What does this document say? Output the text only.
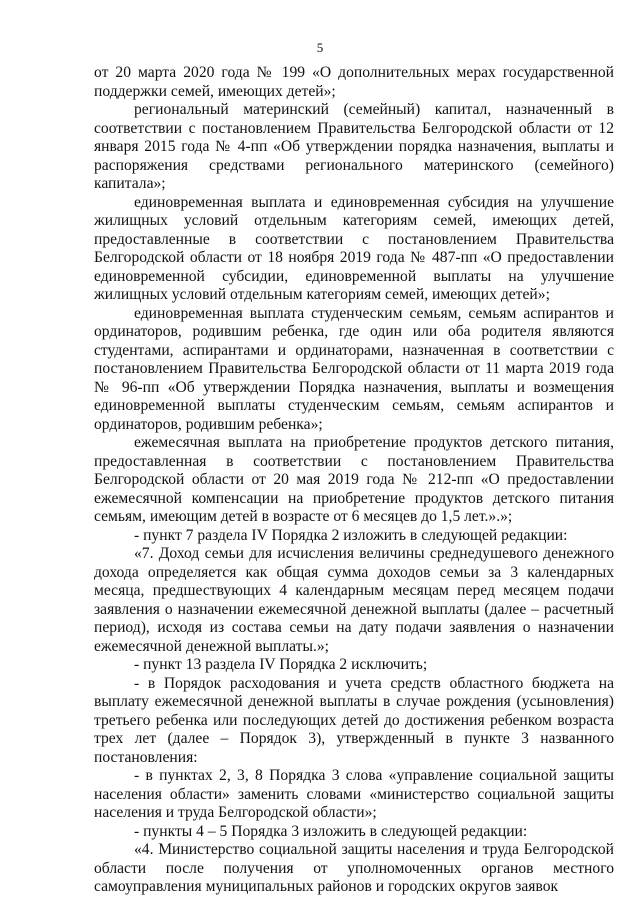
5

от 20 марта 2020 года № 199 «О дополнительных мерах государственной поддержки семей, имеющих детей»;

региональный материнский (семейный) капитал, назначенный в соответствии с постановлением Правительства Белгородской области от 12 января 2015 года № 4-пп «Об утверждении порядка назначения, выплаты и распоряжения средствами регионального материнского (семейного) капитала»;

единовременная выплата и единовременная субсидия на улучшение жилищных условий отдельным категориям семей, имеющих детей, предоставленные в соответствии с постановлением Правительства Белгородской области от 18 ноября 2019 года № 487-пп «О предоставлении единовременной субсидии, единовременной выплаты на улучшение жилищных условий отдельным категориям семей, имеющих детей»;

единовременная выплата студенческим семьям, семьям аспирантов и ординаторов, родившим ребенка, где один или оба родителя являются студентами, аспирантами и ординаторами, назначенная в соответствии с постановлением Правительства Белгородской области от 11 марта 2019 года № 96-пп «Об утверждении Порядка назначения, выплаты и возмещения единовременной выплаты студенческим семьям, семьям аспирантов и ординаторов, родившим ребенка»;

ежемесячная выплата на приобретение продуктов детского питания, предоставленная в соответствии с постановлением Правительства Белгородской области от 20 мая 2019 года № 212-пп «О предоставлении ежемесячной компенсации на приобретение продуктов детского питания семьям, имеющим детей в возрасте от 6 месяцев до 1,5 лет.».»;

- пункт 7 раздела IV Порядка 2 изложить в следующей редакции:

«7. Доход семьи для исчисления величины среднедушевого денежного дохода определяется как общая сумма доходов семьи за 3 календарных месяца, предшествующих 4 календарным месяцам перед месяцем подачи заявления о назначении ежемесячной денежной выплаты (далее – расчетный период), исходя из состава семьи на дату подачи заявления о назначении ежемесячной денежной выплаты.»;

- пункт 13 раздела IV Порядка 2 исключить;

- в Порядок расходования и учета средств областного бюджета на выплату ежемесячной денежной выплаты в случае рождения (усыновления) третьего ребенка или последующих детей до достижения ребенком возраста трех лет (далее – Порядок 3), утвержденный в пункте 3 названного постановления:

- в пунктах 2, 3, 8 Порядка 3 слова «управление социальной защиты населения области» заменить словами «министерство социальной защиты населения и труда Белгородской области»;

- пункты 4 – 5 Порядка 3 изложить в следующей редакции:

«4. Министерство социальной защиты населения и труда Белгородской области после получения от уполномоченных органов местного самоуправления муниципальных районов и городских округов заявок
